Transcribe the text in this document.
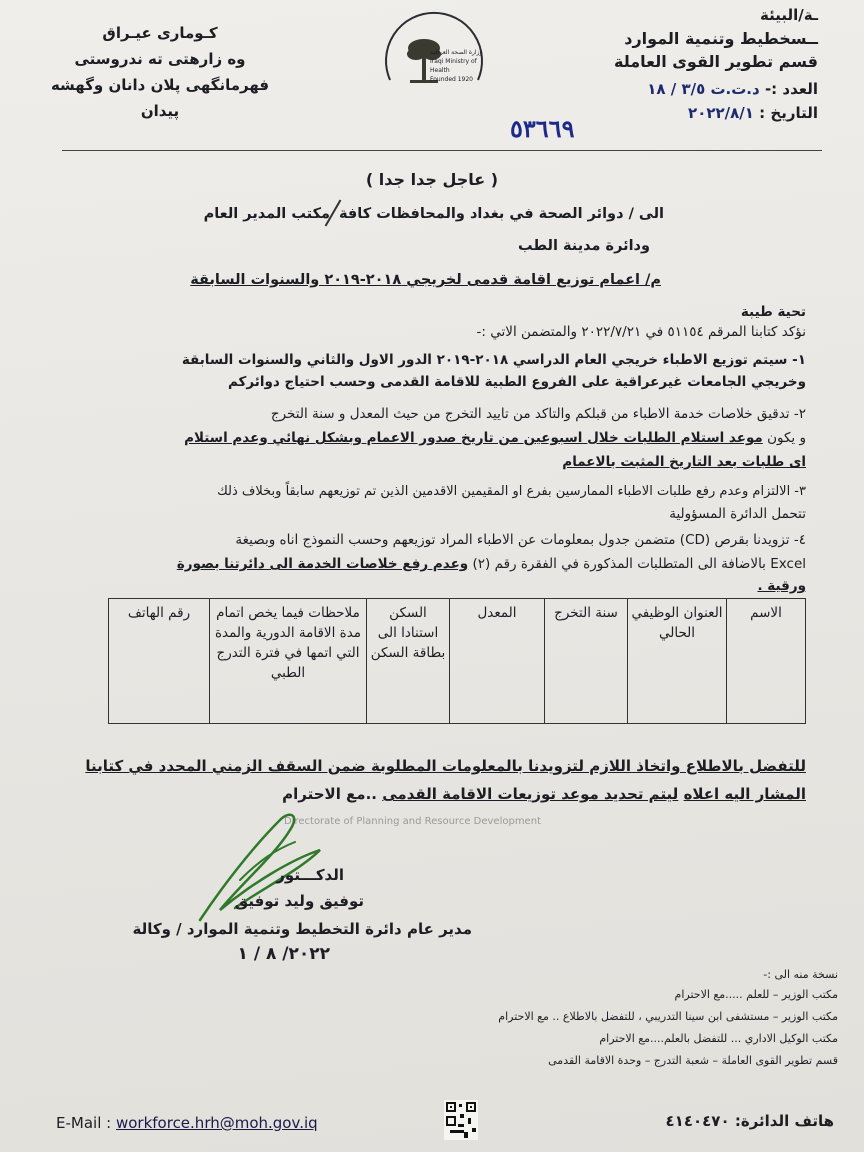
ـة/البيئة
ــسخطيط وتنمية الموارد
قسم تطوير القوى العاملة
العدد :- د.ت.ت ٣/٥ / ١٨
التاريخ : ٢٠٢٢/٨/١
٥٣٦٦٩
كـومارى عيـراق
وه زارهتى ته ندروستى
فهرمانگهى پلان دانان وگهشه پيدان
وزارة الصحة العراقية
Iraqi Ministry of Health
Founded 1920
( عاجل جدا جدا )
الى / دوائر الصحة في بغداد والمحافظات كافة
ودائرة مدينة الطب
مكتب المدير العام
م/ اعمام توزيع اقامة قدمى لخريجي ٢٠١٨-٢٠١٩ والسنوات السابقة
تحية طيبة
نؤكد كتابنا المرقم ٥١١٥٤ في ٢٠٢٢/٧/٢١ والمتضمن الاتي :-
١- سيتم توزيع الاطباء خريجي العام الدراسي ٢٠١٨-٢٠١٩ الدور الاول والثاني والسنوات السابقة
وخريجي الجامعات غيرعراقية على الفروع الطبية للاقامة القدمى وحسب احتياج دوائركم
٢- تدقيق خلاصات خدمة الاطباء من قبلكم والتاكد من تاييد التخرج من حيث المعدل و سنة التخرج
و يكون موعد استلام الطلبات خلال اسبوعين من تاريخ صدور الاعمام وبشكل نهائي وعدم استلام
اى طلبات بعد التاريخ المثبت بالاعمام
٣- الالتزام وعدم رفع طلبات الاطباء الممارسين بفرع او المقيمين الاقدمين الذين تم توزيعهم سابقاً وبخلاف ذلك
تتحمل الدائرة المسؤولية
٤- تزويدنا بقرص (CD) متضمن جدول بمعلومات عن الاطباء المراد توزيعهم وحسب النموذج اناه وبصيغة
Excel بالاضافة الى المتطلبات المذكورة في الفقرة رقم (٢) وعدم رفع خلاصات الخدمة الى دائرتنا بصورة
ورقية .
الاسم	العنوان الوظيفي الحالي	سنة التخرج	المعدل	السكن استنادا الى بطاقة السكن	ملاحظات فيما يخص اتمام مدة الاقامة الدورية والمدة التي اتمها في فترة التدرج الطبي	رقم الهاتف
للتفضل بالاطلاع واتخاذ اللازم لتزويدنا بالمعلومات المطلوبة ضمن السقف الزمني المحدد في كتابنا
المشار اليه اعلاه ليتم تحديد موعد توزيعات الاقامة القدمى ..مع الاحترام
Directorate of Planning and Resource Development
الدكـــتور
توفيق وليد توفيق
مدير عام دائرة التخطيط وتنمية الموارد / وكالة
٢٠٢٢/ ٨ / ١
نسخة منه الى :-
مكتب الوزير – للعلم .....مع الاحترام
مكتب الوزير – مستشفى ابن سينا التدريبي ، للتفضل بالاطلاع .. مع الاحترام
مكتب الوكيل الاداري ... للتفضل بالعلم....مع الاحترام
قسم تطوير القوى العاملة – شعبة التدرج – وحدة الاقامة القدمى
E-Mail : workforce.hrh@moh.gov.iq	هاتف الدائرة: ٤١٤٠٤٧٠
